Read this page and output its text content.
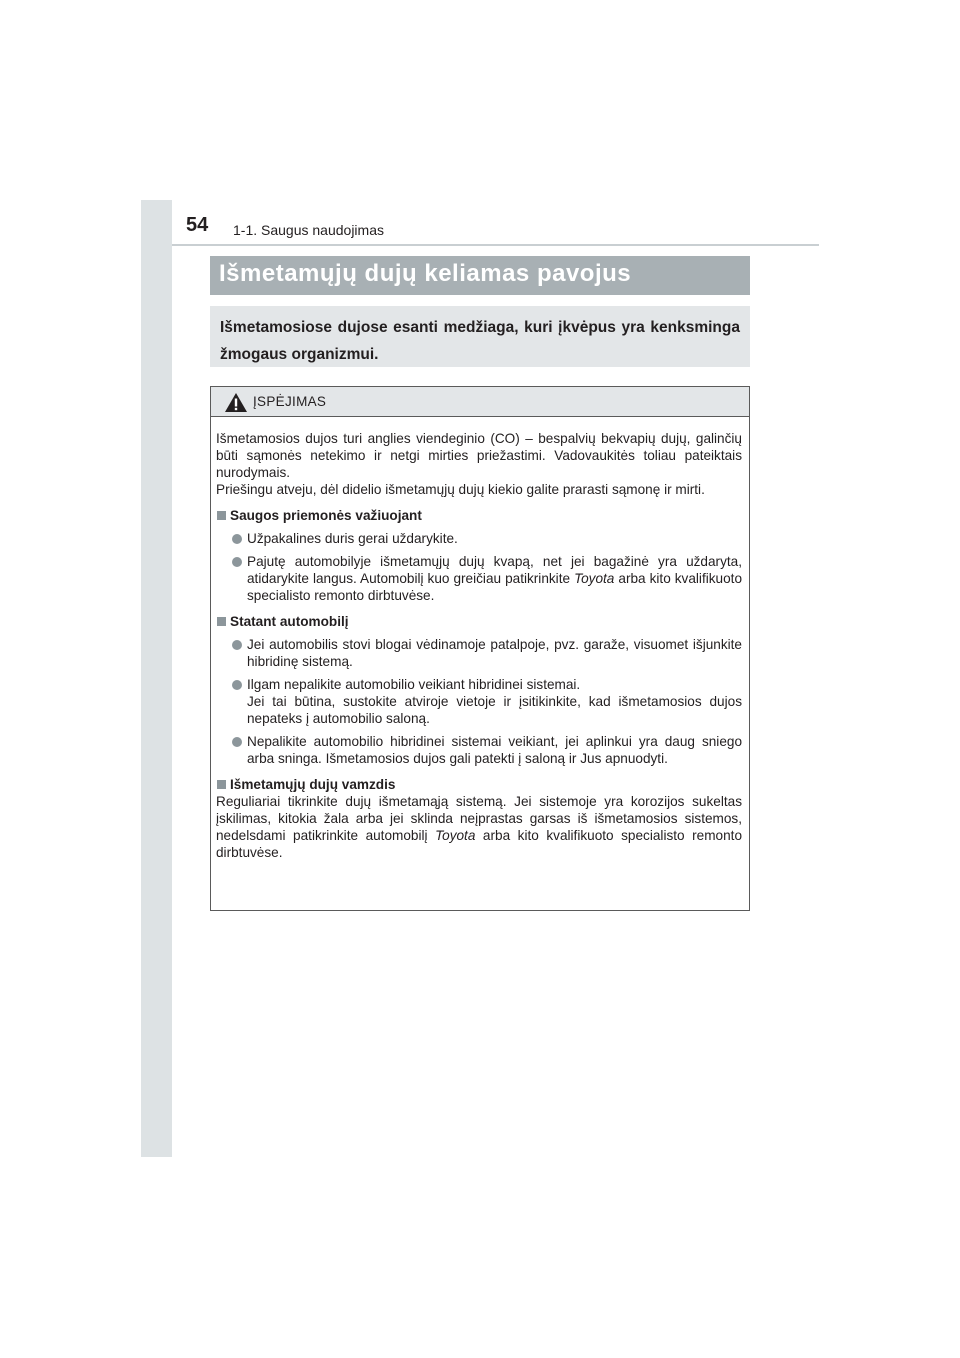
54 1-1. Saugus naudojimas
Išmetamųjų dujų keliamas pavojus
Išmetamosiose dujose esanti medžiaga, kuri įkvėpus yra kenksminga žmogaus organizmui.
ĮSPĖJIMAS

Išmetamosios dujos turi anglies viendeginio (CO) – bespalvių bekvapių dujų, galinčių būti sąmonės netekimo ir netgi mirties priežastimi. Vadovaukitės toliau pateiktais nurodymais.

Priešingu atveju, dėl didelio išmetamųjų dujų kiekio galite prarasti sąmonę ir mirti.

Saugos priemonės važiuojant
Užpakalines duris gerai uždarykite.
Pajutę automobilyje išmetamųjų dujų kvapą, net jei bagažinė yra uždaryta, atidarykite langus. Automobilį kuo greičiau patikrinkite Toyota arba kito kvalifikuoto specialisto remonto dirbtuvėse.
Statant automobilį
Jei automobilis stovi blogai vėdinamoje patalpoje, pvz. garaže, visuomet išjunkite hibridinę sistemą.
Ilgam nepalikite automobilio veikiant hibridinei sistemai.
Jei tai būtina, sustokite atviroje vietoje ir įsitikinkite, kad išmetamosios dujos nepateks į automobilio saloną.
Nepalikite automobilio hibridinei sistemai veikiant, jei aplinkui yra daug sniego arba sninga. Išmetamosios dujos gali patekti į saloną ir Jus apnuodyti.
Išmetamųjų dujų vamzdis

Reguliariai tikrinkite dujų išmetamąją sistemą. Jei sistemoje yra korozijos sukeltas įskilimas, kitokia žala arba jei sklinda neįprastas garsas iš išmetamosios sistemos, nedelsdami patikrinkite automobilį Toyota arba kito kvalifikuoto specialisto remonto dirbtuvėse.
